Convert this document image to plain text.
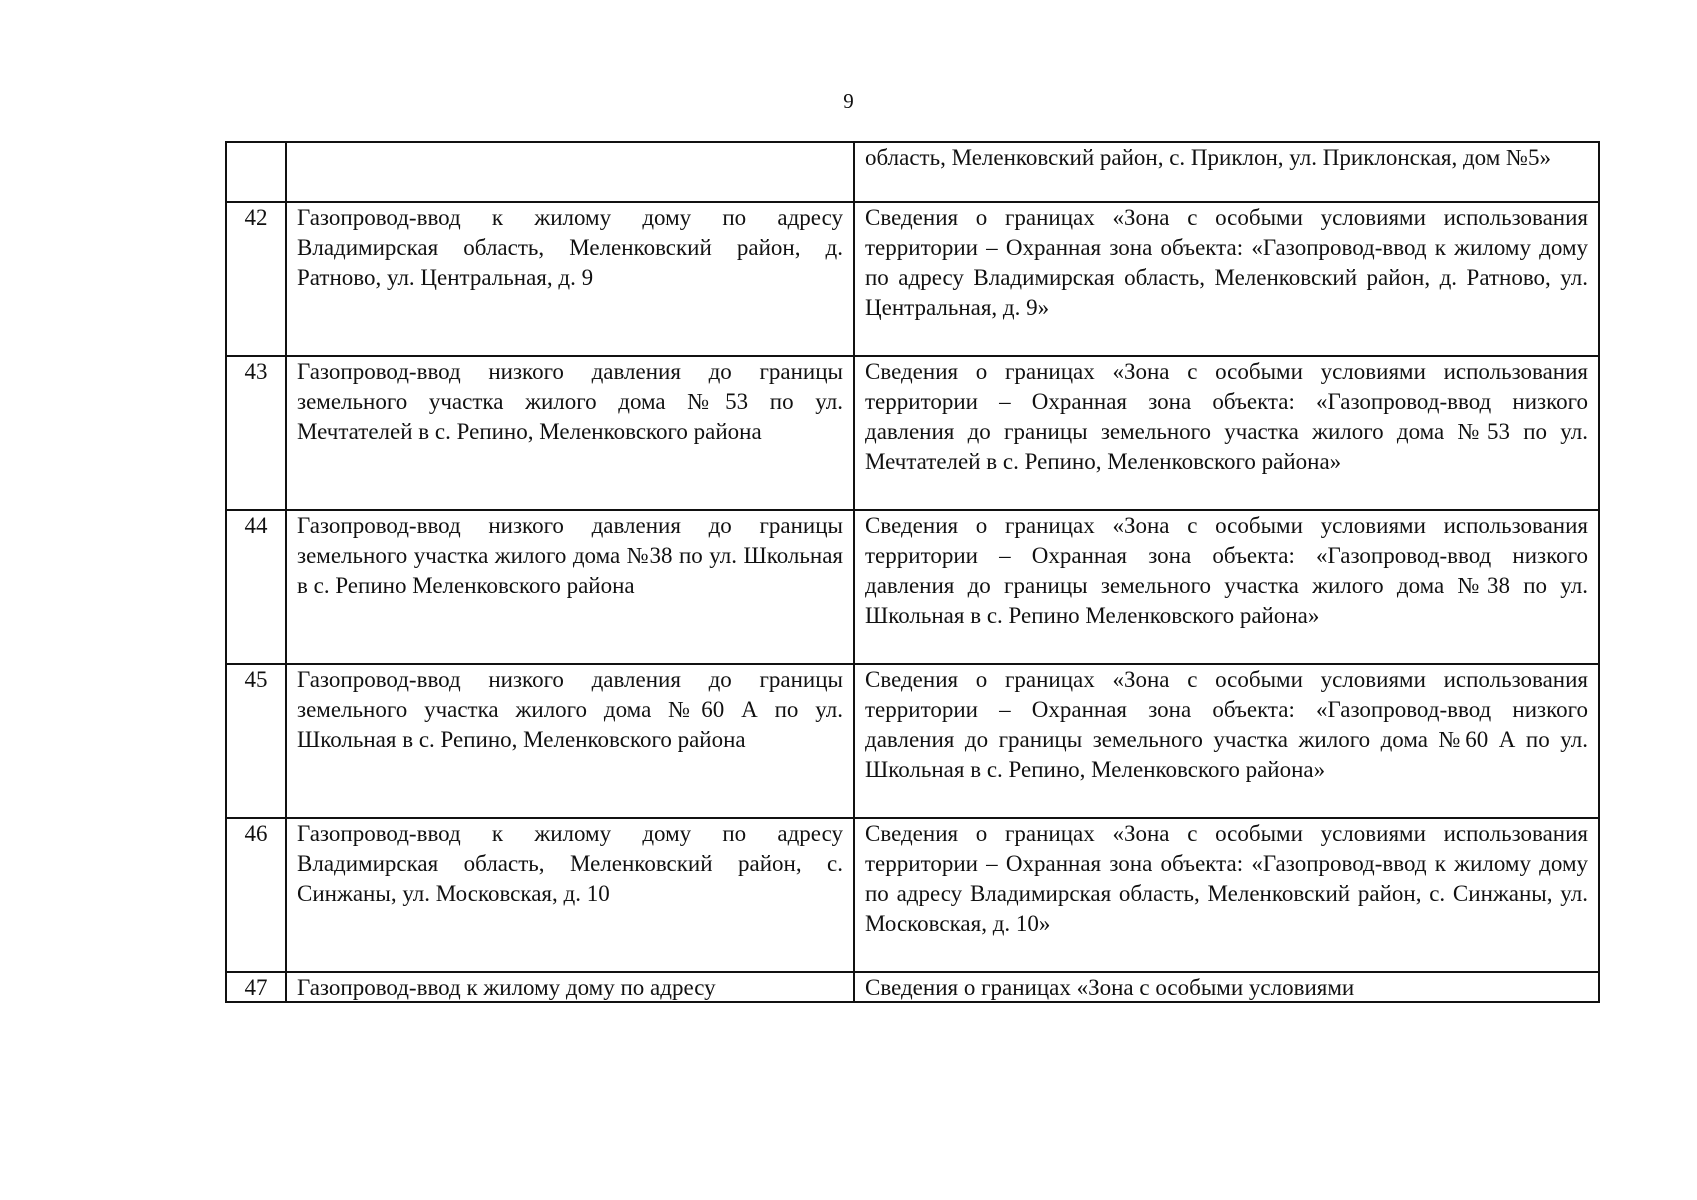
9
		область, Меленковский район, с. Приклон, ул. Приклонская, дом №5»
42	Газопровод-ввод к жилому дому по адресу Владимирская область, Меленковский район, д. Ратново, ул. Центральная, д. 9	Сведения о границах «Зона с особыми условиями использования территории – Охранная зона объекта: «Газопровод-ввод к жилому дому по адресу Владимирская область, Меленковский район, д. Ратново, ул. Центральная, д. 9»
43	Газопровод-ввод низкого давления до границы земельного участка жилого дома №53 по ул. Мечтателей в с. Репино, Меленковского района	Сведения о границах «Зона с особыми условиями использования территории – Охранная зона объекта: «Газопровод-ввод низкого давления до границы земельного участка жилого дома №53 по ул. Мечтателей в с. Репино, Меленковского района»
44	Газопровод-ввод низкого давления до границы земельного участка жилого дома №38 по ул. Школьная в с. Репино Меленковского района	Сведения о границах «Зона с особыми условиями использования территории – Охранная зона объекта: «Газопровод-ввод низкого давления до границы земельного участка жилого дома №38 по ул. Школьная в с. Репино Меленковского района»
45	Газопровод-ввод низкого давления до границы земельного участка жилого дома №60 А по ул. Школьная в с. Репино, Меленковского района	Сведения о границах «Зона с особыми условиями использования территории – Охранная зона объекта: «Газопровод-ввод низкого давления до границы земельного участка жилого дома №60 А по ул. Школьная в с. Репино, Меленковского района»
46	Газопровод-ввод к жилому дому по адресу Владимирская область, Меленковский район, с. Синжаны, ул. Московская, д. 10	Сведения о границах «Зона с особыми условиями использования территории – Охранная зона объекта: «Газопровод-ввод к жилому дому по адресу Владимирская область, Меленковский район, с. Синжаны, ул. Московская, д. 10»

47	Газопровод-ввод к жилому дому по адресу	Сведения о границах «Зона с особыми условиями
